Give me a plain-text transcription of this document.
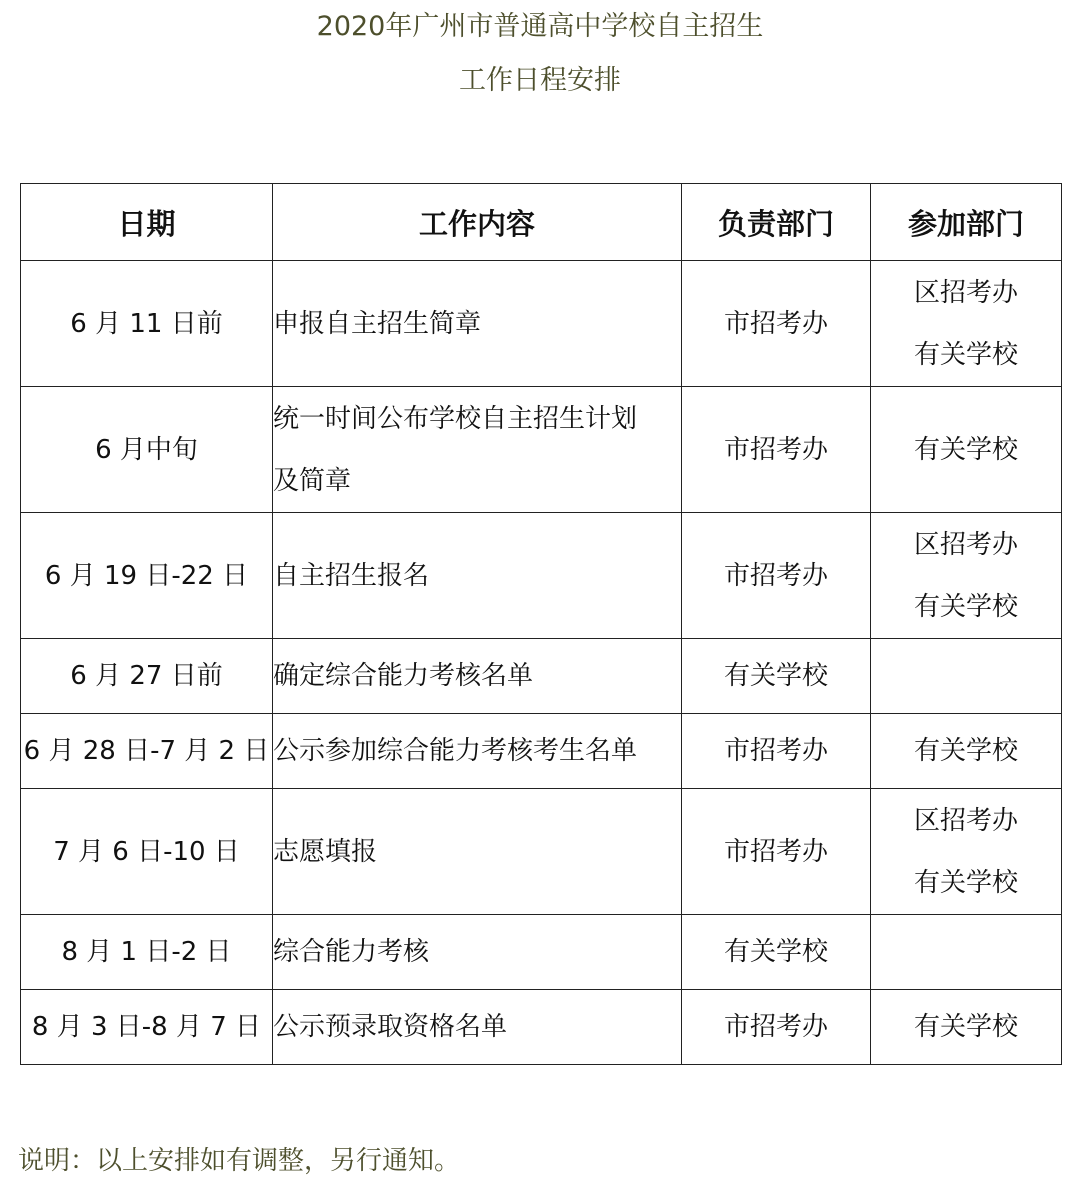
2020年广州市普通高中学校自主招生
工作日程安排
日期	工作内容	负责部门	参加部门
6 月 11 日前	申报自主招生简章	市招考办	区招考办
有关学校

6 月中旬	统一时间公布学校自主招生计划
及简章	市招考办	有关学校

6 月 19 日-22 日	自主招生报名	市招考办	区招考办
有关学校

6 月 27 日前	确定综合能力考核名单	有关学校	
6 月 28 日-7 月 2 日	公示参加综合能力考核考生名单	市招考办	有关学校

7 月 6 日-10 日	志愿填报	市招考办	区招考办
有关学校

8 月 1 日-2 日	综合能力考核	有关学校	
8 月 3 日-8 月 7 日	公示预录取资格名单	市招考办	有关学校
说明：以上安排如有调整，另行通知。
